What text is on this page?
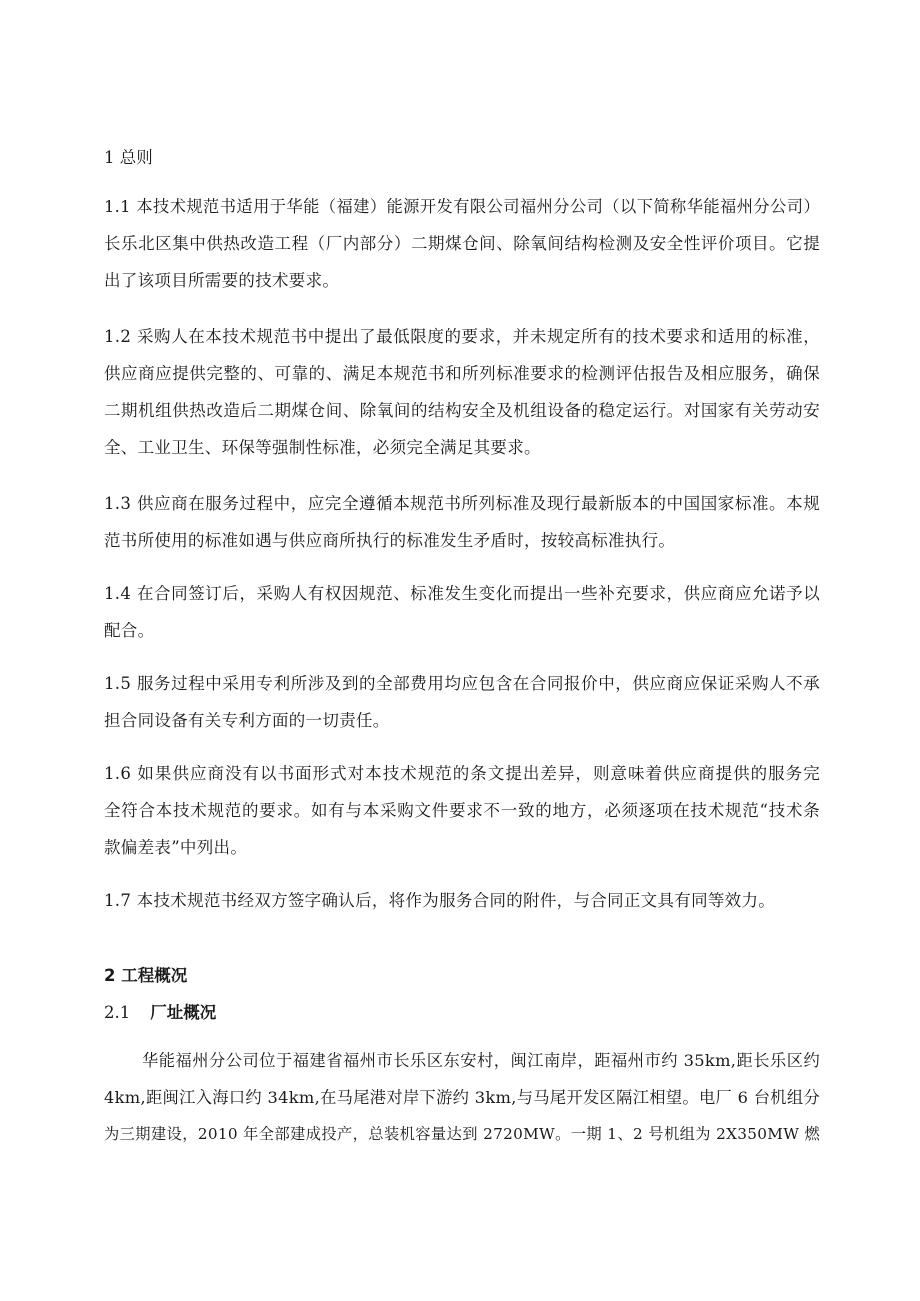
1 总则

1.1 本技术规范书适用于华能（福建）能源开发有限公司福州分公司（以下简称华能福州分公司）
长乐北区集中供热改造工程（厂内部分）二期煤仓间、除氧间结构检测及安全性评价项目。它提
出了该项目所需要的技术要求。
1.2 采购人在本技术规范书中提出了最低限度的要求，并未规定所有的技术要求和适用的标准，
供应商应提供完整的、可靠的、满足本规范书和所列标准要求的检测评估报告及相应服务，确保
二期机组供热改造后二期煤仓间、除氧间的结构安全及机组设备的稳定运行。对国家有关劳动安
全、工业卫生、环保等强制性标准，必须完全满足其要求。
1.3 供应商在服务过程中，应完全遵循本规范书所列标准及现行最新版本的中国国家标准。本规
范书所使用的标准如遇与供应商所执行的标准发生矛盾时，按较高标准执行。
1.4 在合同签订后，采购人有权因规范、标准发生变化而提出一些补充要求，供应商应允诺予以
配合。
1.5 服务过程中采用专利所涉及到的全部费用均应包含在合同报价中，供应商应保证采购人不承
担合同设备有关专利方面的一切责任。
1.6 如果供应商没有以书面形式对本技术规范的条文提出差异，则意味着供应商提供的服务完
全符合本技术规范的要求。如有与本采购文件要求不一致的地方，必须逐项在技术规范“技术条
款偏差表”中列出。
1.7 本技术规范书经双方签字确认后，将作为服务合同的附件，与合同正文具有同等效力。

2 工程概况

2.1 厂址概况

华能福州分公司位于福建省福州市长乐区东安村，闽江南岸，距福州市约 35km,距长乐区约
4km,距闽江入海口约 34km,在马尾港对岸下游约 3km,与马尾开发区隔江相望。电厂 6 台机组分
为三期建设，2010 年全部建成投产，总装机容量达到 2720MW。一期 1、2 号机组为 2X350MW 燃
